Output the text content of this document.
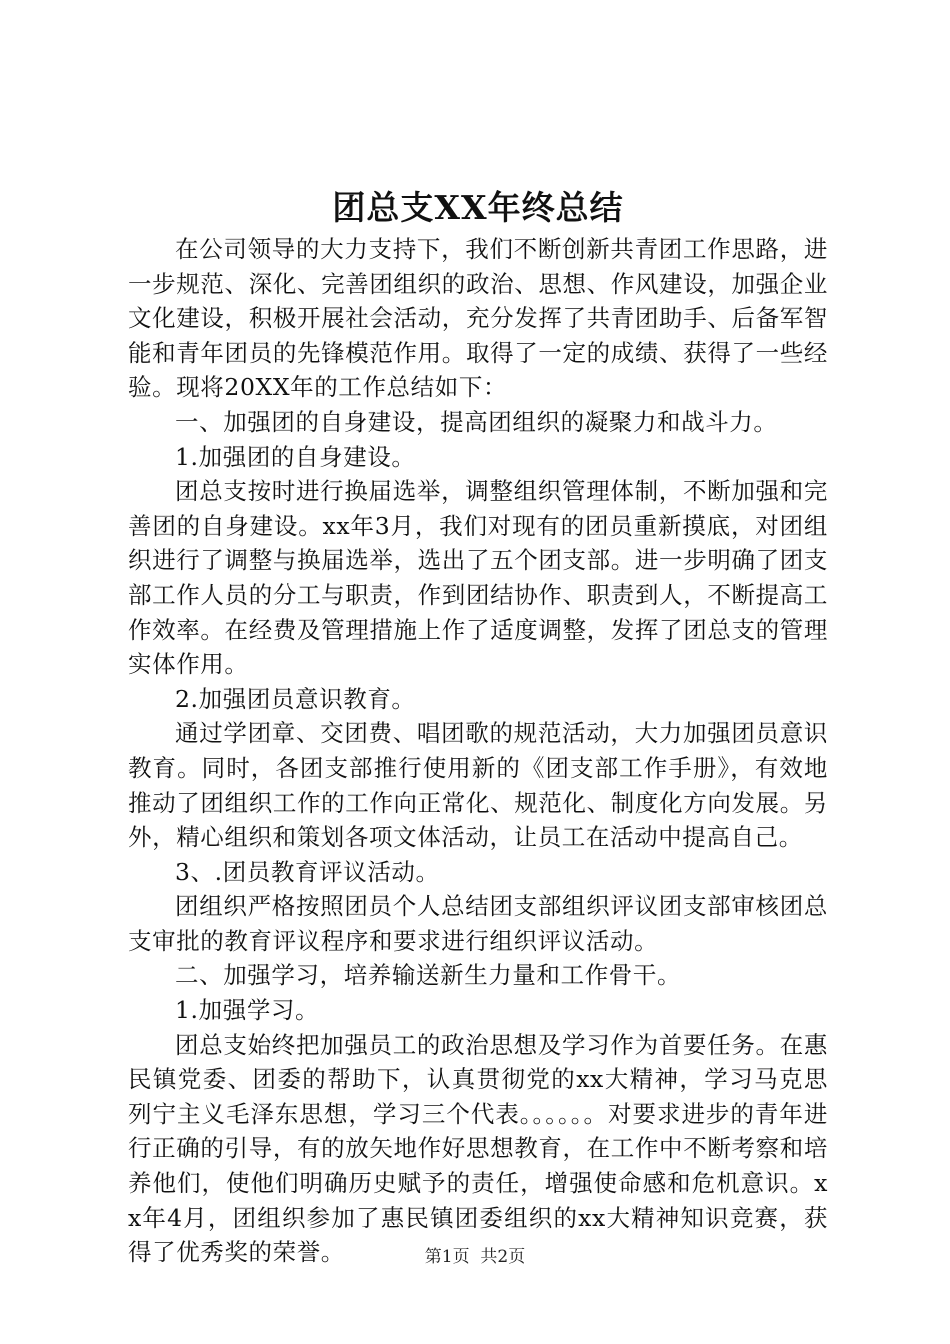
团总支XX年终总结

在公司领导的大力支持下，我们不断创新共青团工作思路，进一步规范、深化、完善团组织的政治、思想、作风建设，加强企业文化建设，积极开展社会活动，充分发挥了共青团助手、后备军智能和青年团员的先锋模范作用。取得了一定的成绩、获得了一些经验。现将20XX年的工作总结如下：

一、加强团的自身建设，提高团组织的凝聚力和战斗力。

1.加强团的自身建设。

团总支按时进行换届选举，调整组织管理体制，不断加强和完善团的自身建设。xx年3月，我们对现有的团员重新摸底，对团组织进行了调整与换届选举，选出了五个团支部。进一步明确了团支部工作人员的分工与职责，作到团结协作、职责到人，不断提高工作效率。在经费及管理措施上作了适度调整，发挥了团总支的管理实体作用。

2.加强团员意识教育。

通过学团章、交团费、唱团歌的规范活动，大力加强团员意识教育。同时，各团支部推行使用新的《团支部工作手册》，有效地推动了团组织工作的工作向正常化、规范化、制度化方向发展。另外，精心组织和策划各项文体活动，让员工在活动中提高自己。

3、.团员教育评议活动。

团组织严格按照团员个人总结团支部组织评议团支部审核团总支审批的教育评议程序和要求进行组织评议活动。

二、加强学习，培养输送新生力量和工作骨干。

1.加强学习。

团总支始终把加强员工的政治思想及学习作为首要任务。在惠民镇党委、团委的帮助下，认真贯彻党的xx大精神，学习马克思列宁主义毛泽东思想，学习三个代表。。。。。。对要求进步的青年进行正确的引导，有的放矢地作好思想教育，在工作中不断考察和培养他们，使他们明确历史赋予的责任，增强使命感和危机意识。xx年4月，团组织参加了惠民镇团委组织的xx大精神知识竞赛，获得了优秀奖的荣誉。	第1页  共2页
